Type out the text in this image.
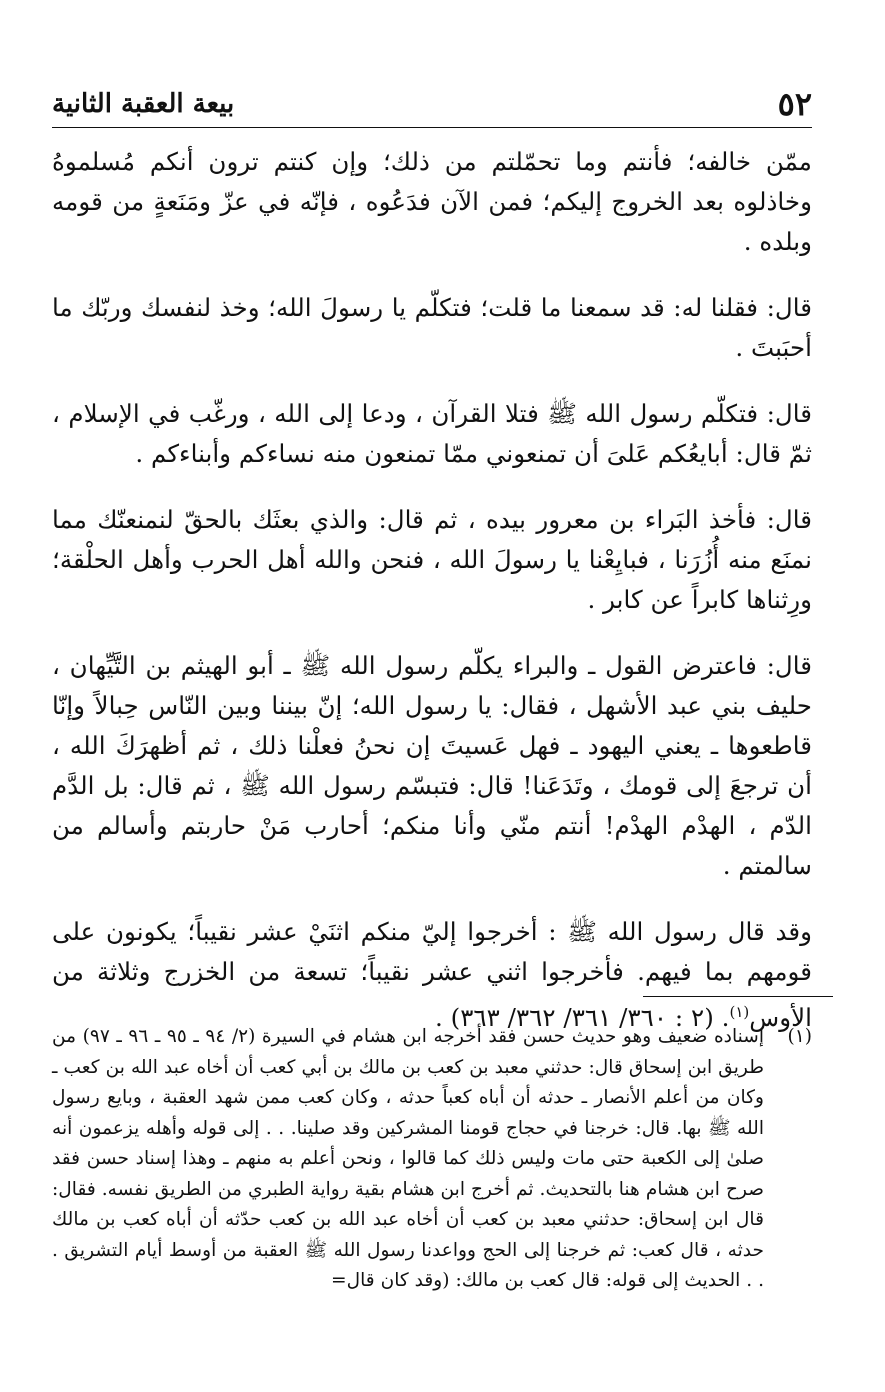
٥٢
بيعة العقبة الثانية

ممّن خالفه؛ فأنتم وما تحمّلتم من ذلك؛ وإن كنتم ترون أنكم مُسلموهُ وخاذلوه بعد الخروج إليكم؛ فمن الآن فدَعُوه ، فإنّه في عزّ ومَنَعةٍ من قومه وبلده .

قال: فقلنا له: قد سمعنا ما قلت؛ فتكلّم يا رسولَ الله؛ وخذ لنفسك وربّك ما أحبَبتَ .

قال: فتكلّم رسول الله ﷺ فتلا القرآن ، ودعا إلى الله ، ورغّب في الإسلام ، ثمّ قال: أبايعُكم عَلىَ أن تمنعوني ممّا تمنعون منه نساءكم وأبناءكم .

قال: فأخذ البَراء بن معرور بيده ، ثم قال: والذي بعثَك بالحقّ لنمنعنّك مما نمنَع منه أُزُرَنا ، فبايِعْنا يا رسولَ الله ، فنحن والله أهل الحرب وأهل الحلْقة؛ ورِثناها كابراً عن كابر .

قال: فاعترض القول ـ والبراء يكلّم رسول الله ﷺ ـ أبو الهيثم بن التَّيِّهان ، حليف بني عبد الأشهل ، فقال: يا رسول الله؛ إنّ بيننا وبين النّاس حِبالاً وإنّا قاطعوها ـ يعني اليهود ـ فهل عَسيتَ إن نحنُ فعلْنا ذلك ، ثم أظهرَكَ الله ، أن ترجعَ إلى قومك ، وتَدَعَنا! قال: فتبسّم رسول الله ﷺ ، ثم قال: بل الدَّم الدّم ، الهدْم الهدْم! أنتم منّي وأنا منكم؛ أحارب مَنْ حاربتم وأسالم من سالمتم .

وقد قال رسول الله ﷺ : أخرجوا إليّ منكم اثنَيْ عشر نقيباً؛ يكونون على قومهم بما فيهم. فأخرجوا اثني عشر نقيباً؛ تسعة من الخزرج وثلاثة من الأوس$^{(١)}$. (٢ : ٣٦٠/ ٣٦١/ ٣٦٢/ ٣٦٣) .

(١)
إسناده ضعيف وهو حديث حسن فقد أخرجه ابن هشام في السيرة (٢/ ٩٤ ـ ٩٥ ـ ٩٦ ـ ٩٧) من طريق ابن إسحاق قال: حدثني معبد بن كعب بن مالك بن أبي كعب أن أخاه عبد الله بن كعب ـ وكان من أعلم الأنصار ـ حدثه أن أباه كعباً حدثه ، وكان كعب ممن شهد العقبة ، وبايع رسول الله ﷺ بها. قال: خرجنا في حجاج قومنا المشركين وقد صلينا. . . إلى قوله وأهله يزعمون أنه صلىٰ إلى الكعبة حتى مات وليس ذلك كما قالوا ، ونحن أعلم به منهم ـ وهذا إسناد حسن فقد صرح ابن هشام هنا بالتحديث. ثم أخرج ابن هشام بقية رواية الطبري من الطريق نفسه. فقال: قال ابن إسحاق: حدثني معبد بن كعب أن أخاه عبد الله بن كعب حدّثه أن أباه كعب بن مالك حدثه ، قال كعب: ثم خرجنا إلى الحج وواعدنا رسول الله ﷺ العقبة من أوسط أيام التشريق . . . الحديث إلى قوله: قال كعب بن مالك: (وقد كان قال=
